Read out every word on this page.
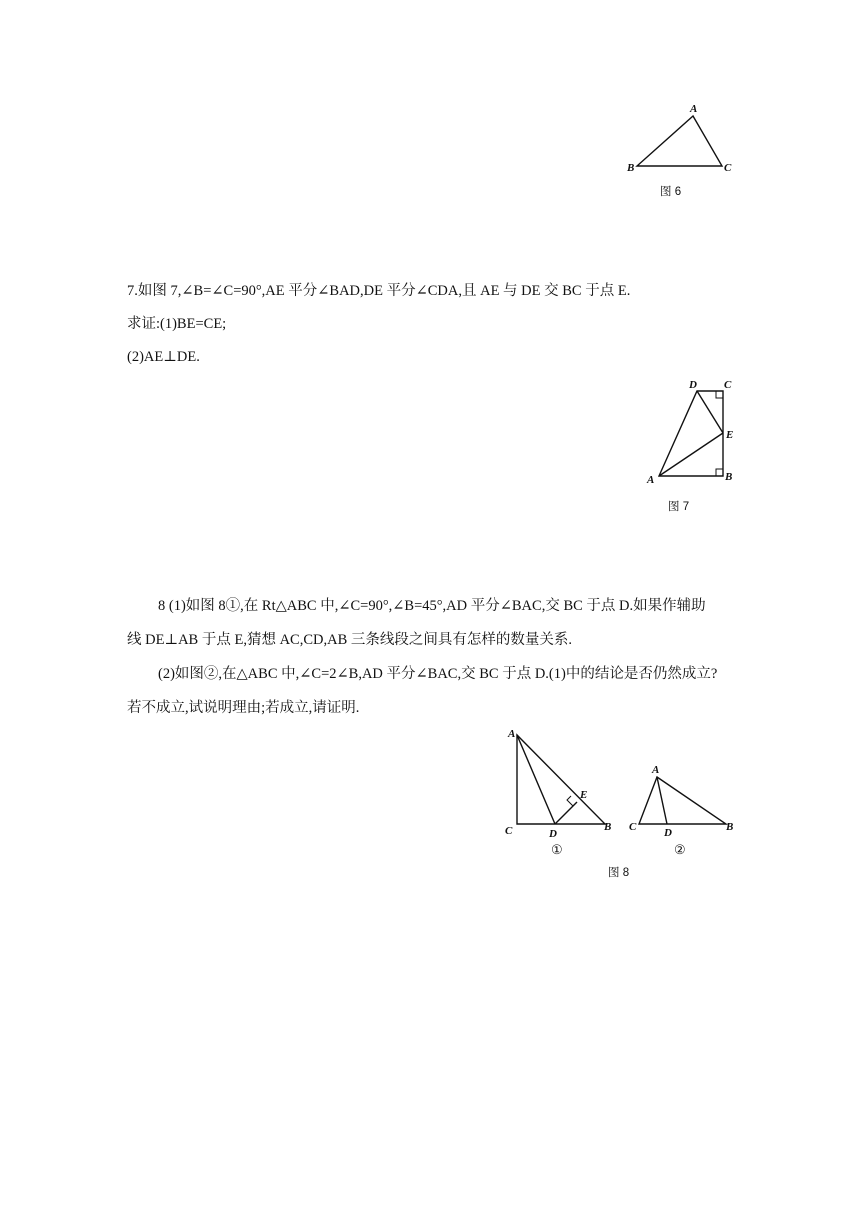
A
B	C
图 6
7.如图 7,∠B=∠C=90°,AE 平分∠BAD,DE 平分∠CDA,且 AE 与 DE 交 BC 于点 E.
求证:(1)BE=CE;
(2)AE⊥DE.
D C
E
A	B
图 7
8 (1)如图 8①,在 Rt△ABC 中,∠C=90°,∠B=45°,AD 平分∠BAC,交 BC 于点 D.如果作辅助
线 DE⊥AB 于点 E,猜想 AC,CD,AB 三条线段之间具有怎样的数量关系.
(2)如图②,在△ABC 中,∠C=2∠B,AD 平分∠BAC,交 BC 于点 D.(1)中的结论是否仍然成立?
若不成立,试说明理由;若成立,请证明.
A
E
C	D
B
①
A
C	D	B
②
图 8
